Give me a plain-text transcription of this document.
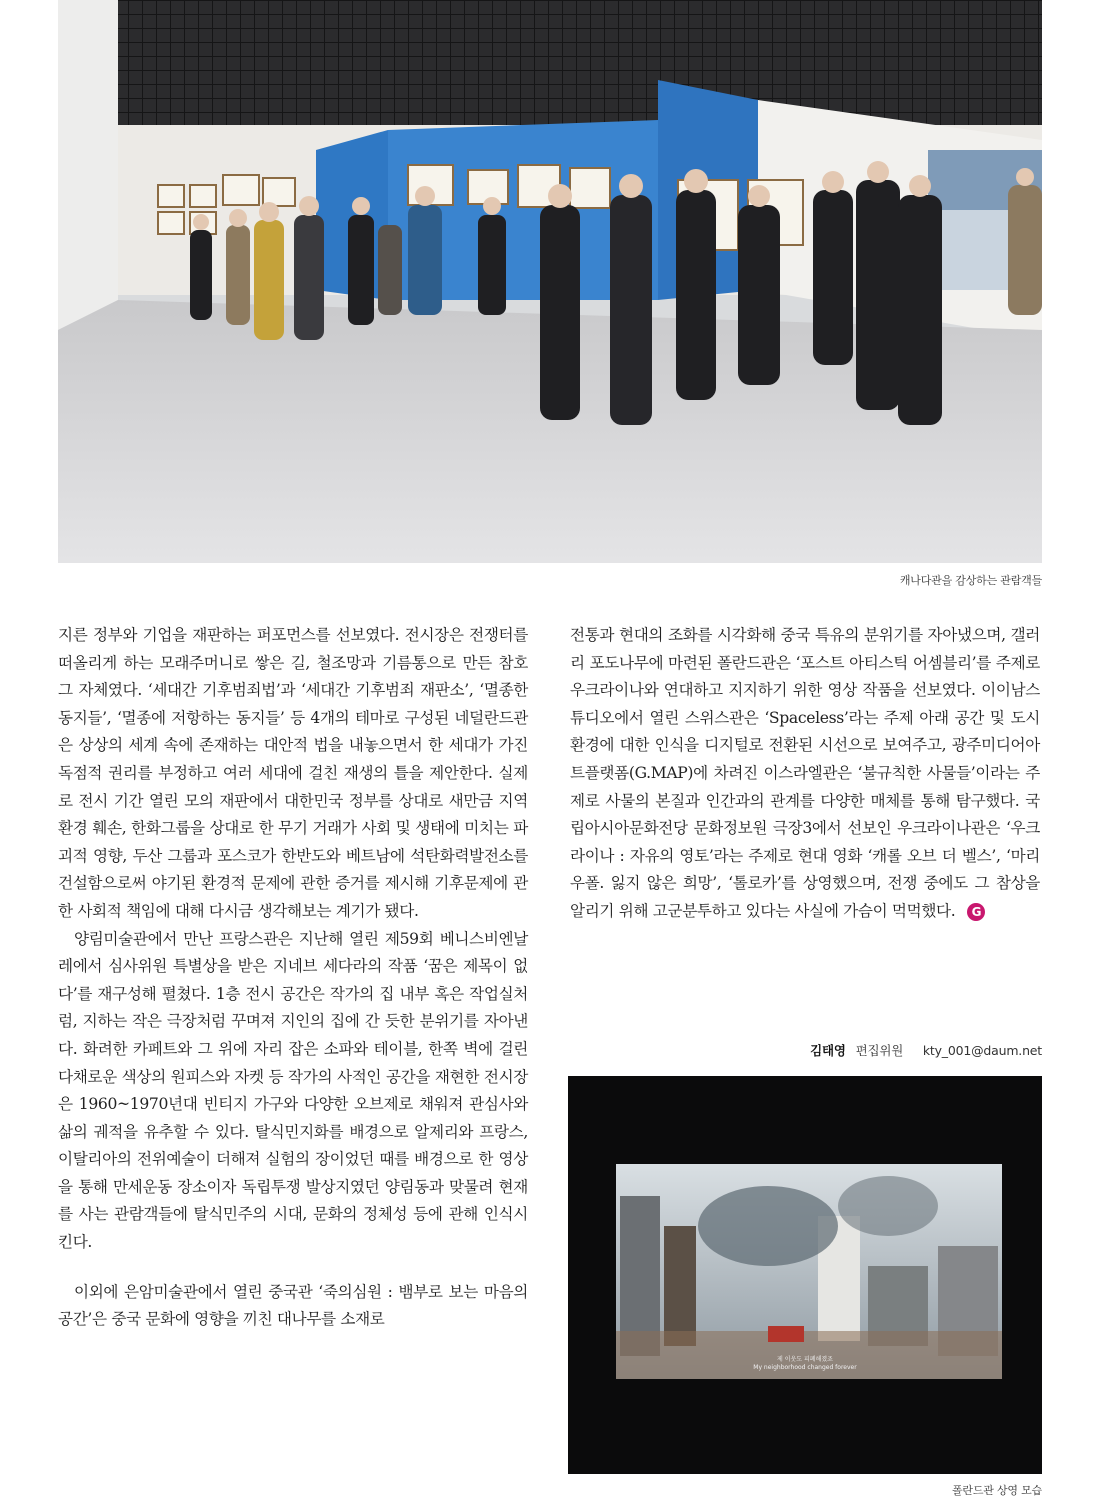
캐나다관을 감상하는 관람객들

지른 정부와 기업을 재판하는 퍼포먼스를 선보였다. 전시장은 전쟁터를 떠올리게 하는 모래주머니로 쌓은 길, 철조망과 기름통으로 만든 참호 그 자체였다. ‘세대간 기후범죄법’과 ‘세대간 기후범죄 재판소’, ‘멸종한 동지들’, ‘멸종에 저항하는 동지들’ 등 4개의 테마로 구성된 네덜란드관은 상상의 세계 속에 존재하는 대안적 법을 내놓으면서 한 세대가 가진 독점적 권리를 부정하고 여러 세대에 걸친 재생의 틀을 제안한다. 실제로 전시 기간 열린 모의 재판에서 대한민국 정부를 상대로 새만금 지역 환경 훼손, 한화그룹을 상대로 한 무기 거래가 사회 및 생태에 미치는 파괴적 영향, 두산 그룹과 포스코가 한반도와 베트남에 석탄화력발전소를 건설함으로써 야기된 환경적 문제에 관한 증거를 제시해 기후문제에 관한 사회적 책임에 대해 다시금 생각해보는 계기가 됐다.

양림미술관에서 만난 프랑스관은 지난해 열린 제59회 베니스비엔날레에서 심사위원 특별상을 받은 지네브 세다라의 작품 ‘꿈은 제목이 없다’를 재구성해 펼쳤다. 1층 전시 공간은 작가의 집 내부 혹은 작업실처럼, 지하는 작은 극장처럼 꾸며져 지인의 집에 간 듯한 분위기를 자아낸다. 화려한 카페트와 그 위에 자리 잡은 소파와 테이블, 한쪽 벽에 걸린 다채로운 색상의 원피스와 자켓 등 작가의 사적인 공간을 재현한 전시장은 1960~1970년대 빈티지 가구와 다양한 오브제로 채워져 관심사와 삶의 궤적을 유추할 수 있다. 탈식민지화를 배경으로 알제리와 프랑스, 이탈리아의 전위예술이 더해져 실험의 장이었던 때를 배경으로 한 영상을 통해 만세운동 장소이자 독립투쟁 발상지였던 양림동과 맞물려 현재를 사는 관람객들에 탈식민주의 시대, 문화의 정체성 등에 관해 인식시킨다.

이외에 은암미술관에서 열린 중국관 ‘죽의심원 : 뱀부로 보는 마음의 공간’은 중국 문화에 영향을 끼친 대나무를 소재로

전통과 현대의 조화를 시각화해 중국 특유의 분위기를 자아냈으며, 갤러리 포도나무에 마련된 폴란드관은 ‘포스트 아티스틱 어셈블리’를 주제로 우크라이나와 연대하고 지지하기 위한 영상 작품을 선보였다. 이이남스튜디오에서 열린 스위스관은 ‘Spaceless’라는 주제 아래 공간 및 도시환경에 대한 인식을 디지털로 전환된 시선으로 보여주고, 광주미디어아트플랫폼(G.MAP)에 차려진 이스라엘관은 ‘불규칙한 사물들’이라는 주제로 사물의 본질과 인간과의 관계를 다양한 매체를 통해 탐구했다. 국립아시아문화전당 문화정보원 극장3에서 선보인 우크라이나관은 ‘우크라이나 : 자유의 영토’라는 주제로 현대 영화 ‘캐롤 오브 더 벨스’, ‘마리우폴. 잃지 않은 희망’, ‘톨로카’를 상영했으며, 전쟁 중에도 그 참상을 알리기 위해 고군분투하고 있다는 사실에 가슴이 먹먹했다. G

김태영 편집위원 kty_001@daum.net
제 이웃도 피폐해졌죠
My neighborhood changed forever
폴란드관 상영 모습
